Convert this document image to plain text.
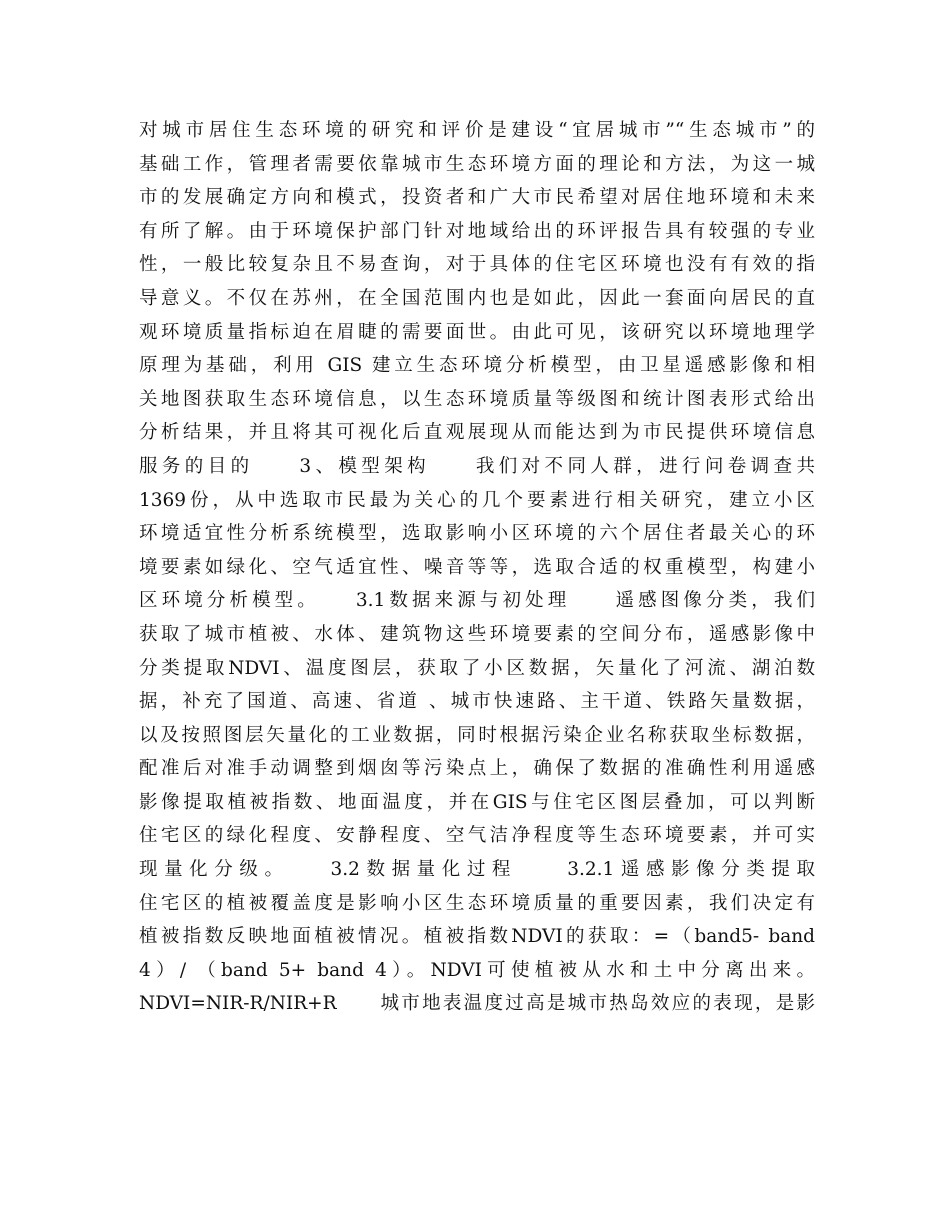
对城市居住生态环境的研究和评价是建设“宜居城市”“生态城市”的
基础工作，管理者需要依靠城市生态环境方面的理论和方法，为这一城
市的发展确定方向和模式，投资者和广大市民希望对居住地环境和未来
有所了解。由于环境保护部门针对地域给出的环评报告具有较强的专业
性，一般比较复杂且不易查询，对于具体的住宅区环境也没有有效的指
导意义。不仅在苏州，在全国范围内也是如此，因此一套面向居民的直
观环境质量指标迫在眉睫的需要面世。由此可见，该研究以环境地理学
原理为基础，利用 GIS 建立生态环境分析模型，由卫星遥感影像和相
关地图获取生态环境信息，以生态环境质量等级图和统计图表形式给出
分析结果，并且将其可视化后直观展现从而能达到为市民提供环境信息
服务的目的　　3、模型架构　　我们对不同人群，进行问卷调查共
1369份，从中选取市民最为关心的几个要素进行相关研究，建立小区
环境适宜性分析系统模型，选取影响小区环境的六个居住者最关心的环
境要素如绿化、空气适宜性、噪音等等，选取合适的权重模型，构建小
区环境分析模型。　　3.1数据来源与初处理　　遥感图像分类，我们
获取了城市植被、水体、建筑物这些环境要素的空间分布，遥感影像中
分类提取NDVI、温度图层，获取了小区数据，矢量化了河流、湖泊数
据，补充了国道、高速、省道 、城市快速路、主干道、铁路矢量数据，
以及按照图层矢量化的工业数据，同时根据污染企业名称获取坐标数据，
配准后对准手动调整到烟囱等污染点上，确保了数据的准确性利用遥感
影像提取植被指数、地面温度，并在GIS与住宅区图层叠加，可以判断
住宅区的绿化程度、安静程度、空气洁净程度等生态环境要素，并可实
现量化分级。　　3.2数据量化过程　　3.2.1遥感影像分类提取
住宅区的植被覆盖度是影响小区生态环境质量的重要因素，我们决定有
植被指数反映地面植被情况。植被指数NDVI的获取：=（band5- band
4）/ （band 5+ band 4）。NDVI可使植被从水和土中分离出来。
NDVI=NIR-R/NIR+R　　城市地表温度过高是城市热岛效应的表现，是影
